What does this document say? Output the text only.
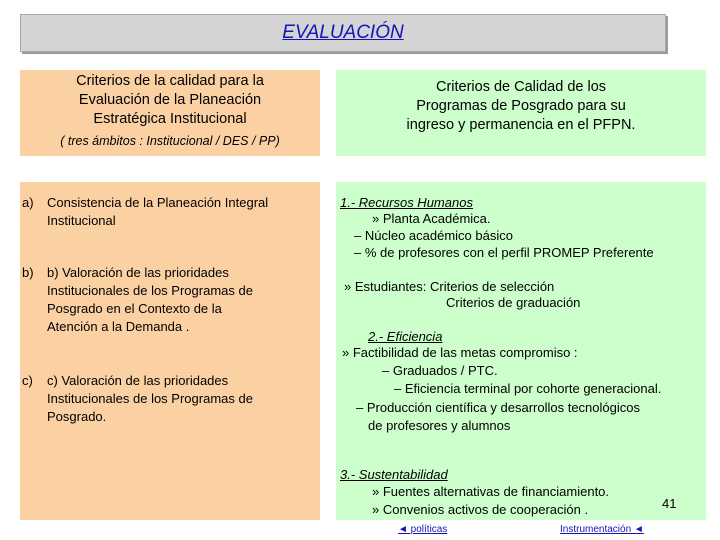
EVALUACIÓN
Criterios de la calidad para la
Evaluación de la Planeación
Estratégica Institucional
( tres ámbitos : Institucional / DES / PP)
Criterios de Calidad de los
Programas de Posgrado para su
ingreso y permanencia en el PFPN.
a) Consistencia de la Planeación Integral
Institucional
b) b) Valoración de las prioridades
Institucionales de los Programas de
Posgrado en el Contexto de la
Atención a la Demanda .
c) c) Valoración de las prioridades
Institucionales de los Programas de
Posgrado.
1.- Recursos Humanos
» Planta Académica.
– Núcleo académico básico
– % de profesores con el perfil PROMEP Preferente
» Estudiantes: Criterios de selección
Criterios de graduación
2.- Eficiencia
» Factibilidad de las metas compromiso :
– Graduados / PTC.
– Eficiencia terminal por cohorte generacional.
– Producción científica y desarrollos tecnológicos
de profesores y alumnos
3.- Sustentabilidad
» Fuentes alternativas de financiamiento.
» Convenios activos de cooperación .	41
◄ políticas	Instrumentación ◄
